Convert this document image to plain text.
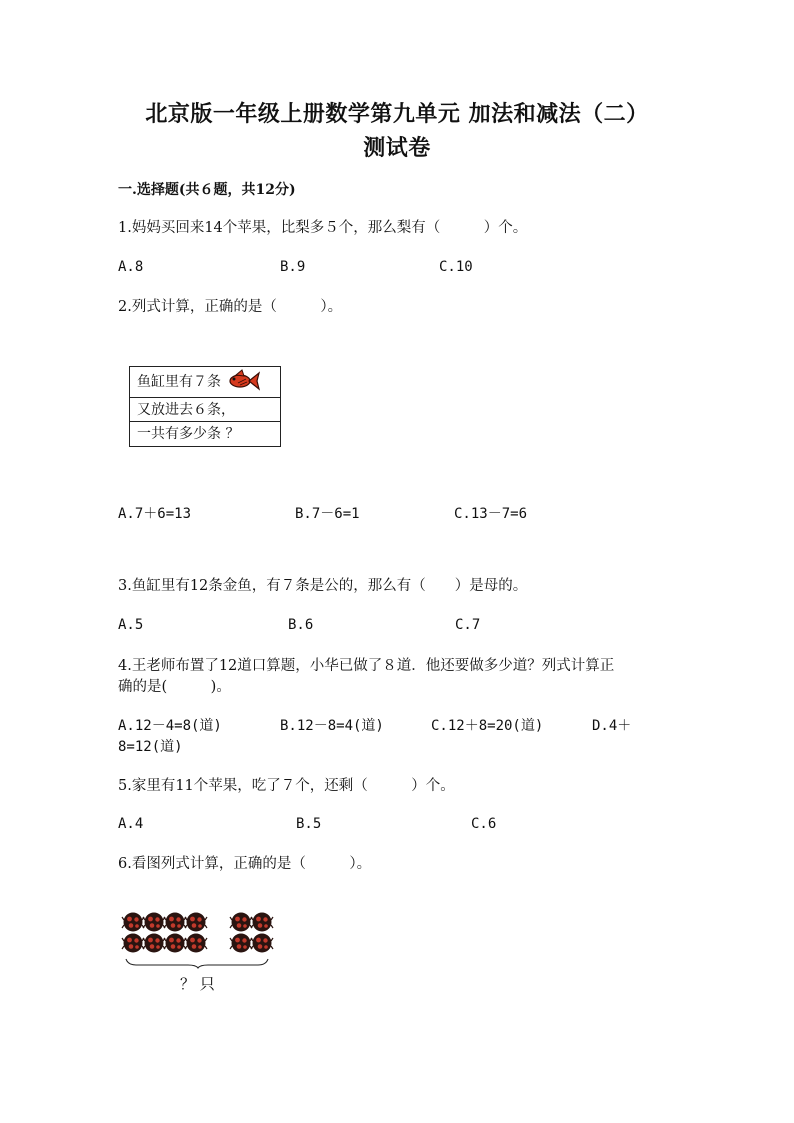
北京版一年级上册数学第九单元 加法和减法（二）
测试卷
一.选择题(共６题，共12分)
1.妈妈买回来14个苹果，比梨多５个，那么梨有（　　　）个。
A.8	B.9	C.10
2.列式计算，正确的是（　　　）。
鱼缸里有７条
又放进去６条，
一共有多少条 ？
A.7＋6=13	B.7－6=1	C.13－7=6
3.鱼缸里有12条金鱼，有７条是公的，那么有（　　）是母的。
A.5	B.6	C.7
4.王老师布置了12道口算题，小华已做了８道．他还要做多少道？列式计算正
确的是(　　　)。
A.12－4=8(道)	B.12－8=4(道)	C.12＋8=20(道)	D.4＋
8=12(道)
5.家里有11个苹果，吃了７个，还剩（　　　）个。
A.4	B.5	C.6
6.看图列式计算，正确的是（　　　）。
？ 只
